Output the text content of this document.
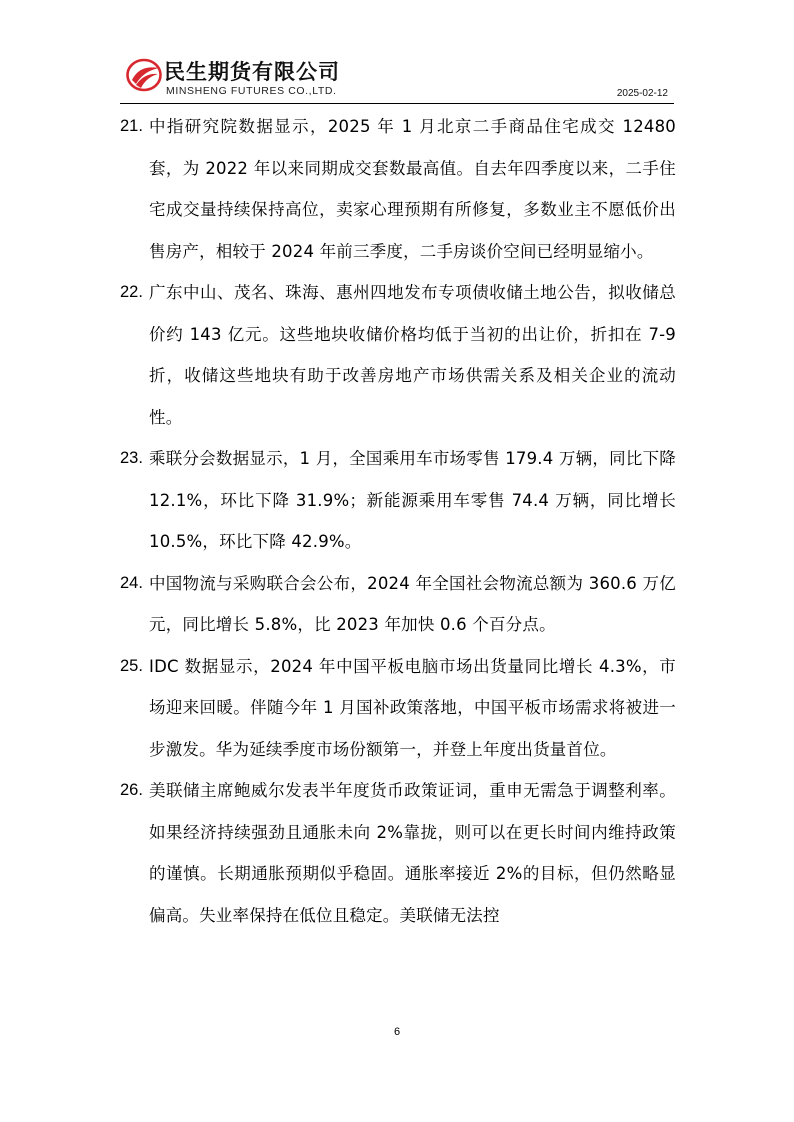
民生期货有限公司
MINSHENG FUTURES CO.,LTD.	2025-02-12
21. 中指研究院数据显示，2025 年 1 月北京二手商品住宅成交 12480 套，为 2022 年以来同期成交套数最高值。自去年四季度以来，二手住宅成交量持续保持高位，卖家心理预期有所修复，多数业主不愿低价出售房产，相较于 2024 年前三季度，二手房谈价空间已经明显缩小。
22. 广东中山、茂名、珠海、惠州四地发布专项债收储土地公告，拟收储总价约 143 亿元。这些地块收储价格均低于当初的出让价，折扣在 7-9 折，收储这些地块有助于改善房地产市场供需关系及相关企业的流动性。
23. 乘联分会数据显示，1 月，全国乘用车市场零售 179.4 万辆，同比下降 12.1%，环比下降 31.9%；新能源乘用车零售 74.4 万辆，同比增长 10.5%，环比下降 42.9%。
24. 中国物流与采购联合会公布，2024 年全国社会物流总额为 360.6 万亿元，同比增长 5.8%，比 2023 年加快 0.6 个百分点。
25. IDC 数据显示，2024 年中国平板电脑市场出货量同比增长 4.3%，市场迎来回暖。伴随今年 1 月国补政策落地，中国平板市场需求将被进一步激发。华为延续季度市场份额第一，并登上年度出货量首位。
26. 美联储主席鲍威尔发表半年度货币政策证词，重申无需急于调整利率。如果经济持续强劲且通胀未向 2%靠拢，则可以在更长时间内维持政策的谨慎。长期通胀预期似乎稳固。通胀率接近 2%的目标，但仍然略显偏高。失业率保持在低位且稳定。美联储无法控
6
